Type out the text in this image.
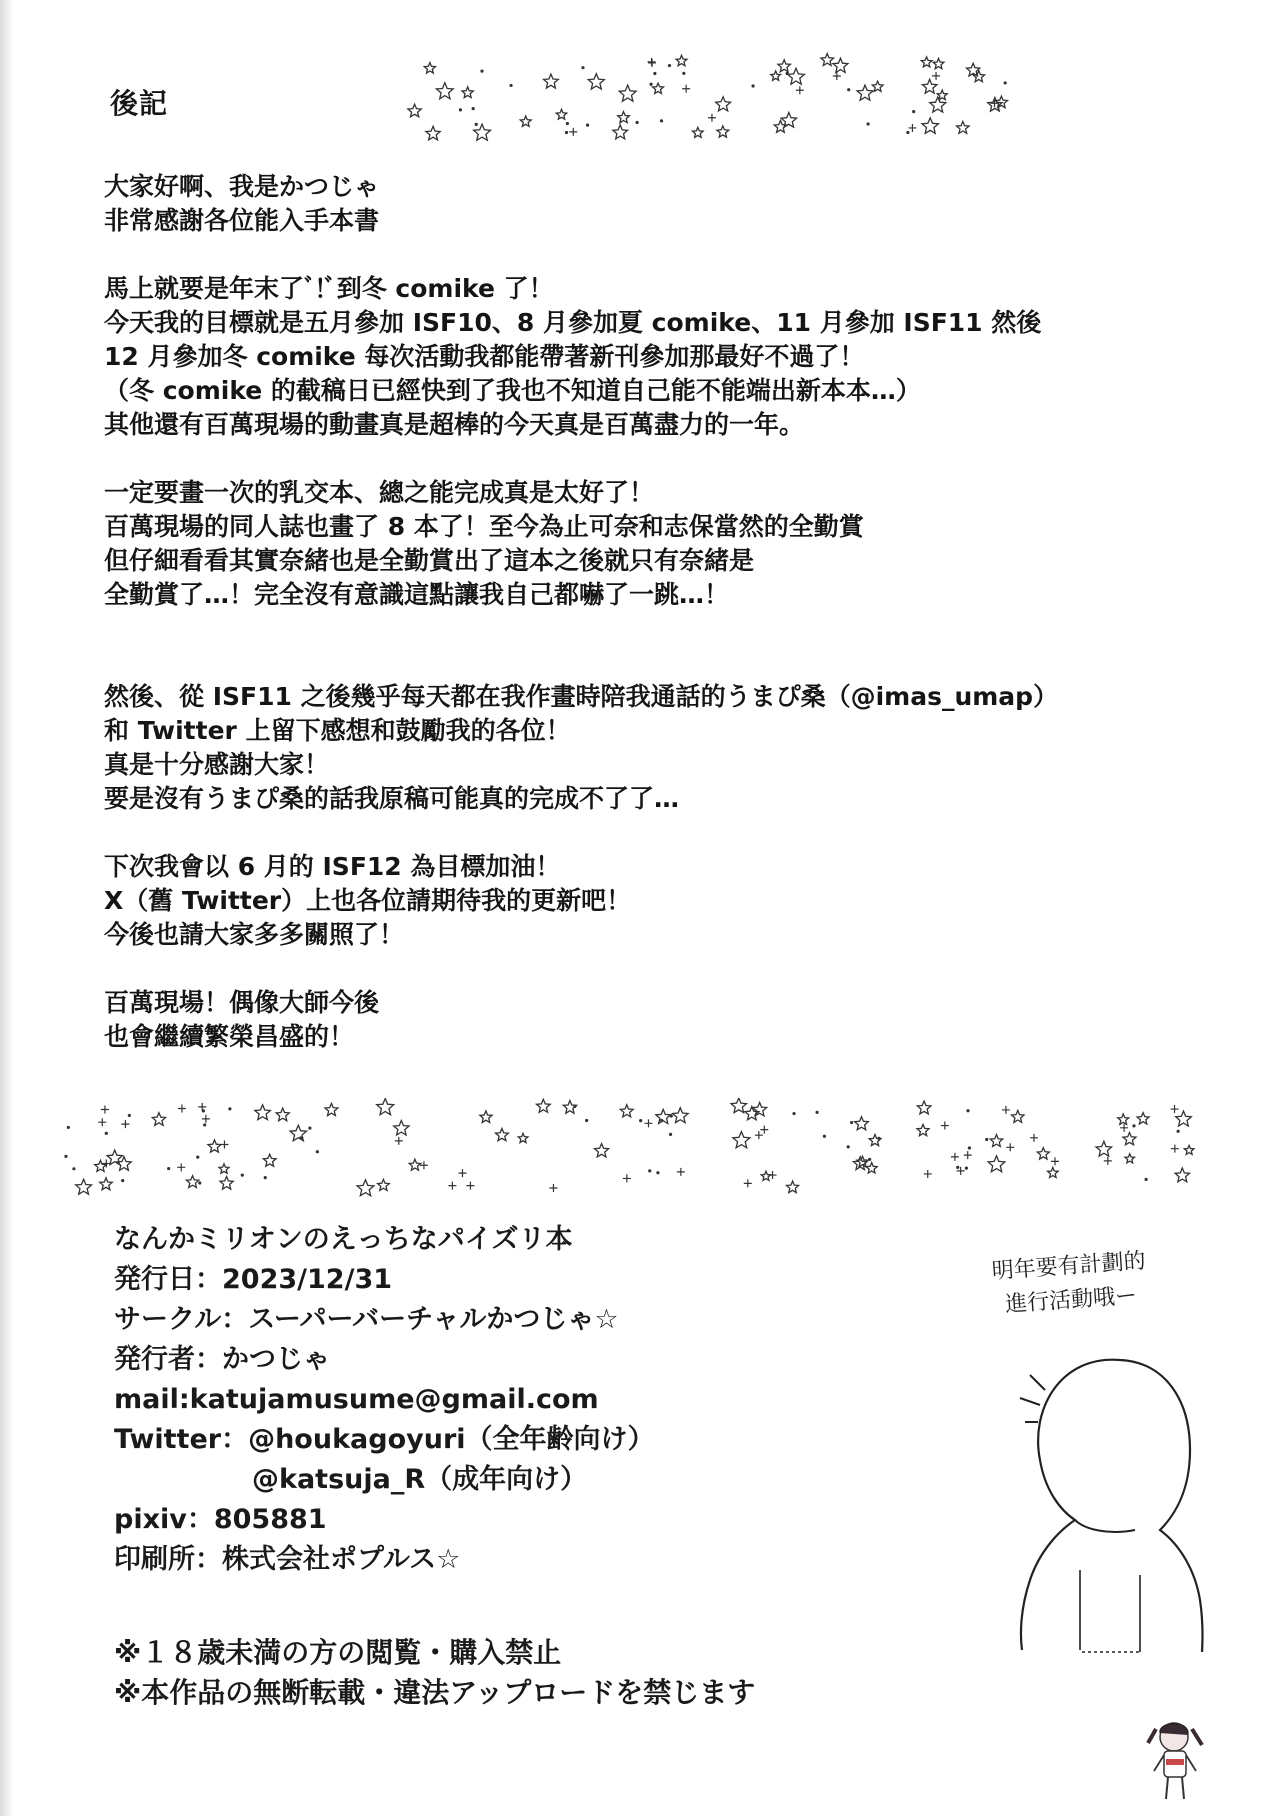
後記
大家好啊、我是かつじゃ
非常感謝各位能入手本書
馬上就要是年末了ﾞ!ﾞ到冬 comike 了！
今天我的目標就是五月參加 ISF10、8 月參加夏 comike、11 月參加 ISF11 然後
12 月參加冬 comike 每次活動我都能帶著新刊參加那最好不過了！
（冬 comike 的截稿日已經快到了我也不知道自己能不能端出新本本…）
其他還有百萬現場的動畫真是超棒的今天真是百萬盡力的一年。
一定要畫一次的乳交本、總之能完成真是太好了！
百萬現場的同人誌也畫了 8 本了！至今為止可奈和志保當然的全勤賞
但仔細看看其實奈緒也是全勤賞出了這本之後就只有奈緒是
全勤賞了…！完全沒有意識這點讓我自己都嚇了一跳…！
然後、從 ISF11 之後幾乎每天都在我作畫時陪我通話的うまぴ桑（@imas_umap）
和 Twitter 上留下感想和鼓勵我的各位！
真是十分感謝大家！
要是沒有うまぴ桑的話我原稿可能真的完成不了了…
下次我會以 6 月的 ISF12 為目標加油！
X（舊 Twitter）上也各位請期待我的更新吧！
今後也請大家多多關照了！
百萬現場！偶像大師今後
也會繼續繁榮昌盛的！
なんかミリオンのえっちなパイズリ本
発行日：2023/12/31
サークル：スーパーバーチャルかつじゃ☆
発行者：かつじゃ
mail:katujamusume@gmail.com
Twitter：@houkagoyuri（全年齢向け）
@katsuja_R（成年向け）
pixiv：805881
印刷所：株式会社ポプルス☆
※１８歳未満の方の閲覧・購入禁止
※本作品の無断転載・違法アップロードを禁じます
明年要有計劃的
進行活動哦ー
